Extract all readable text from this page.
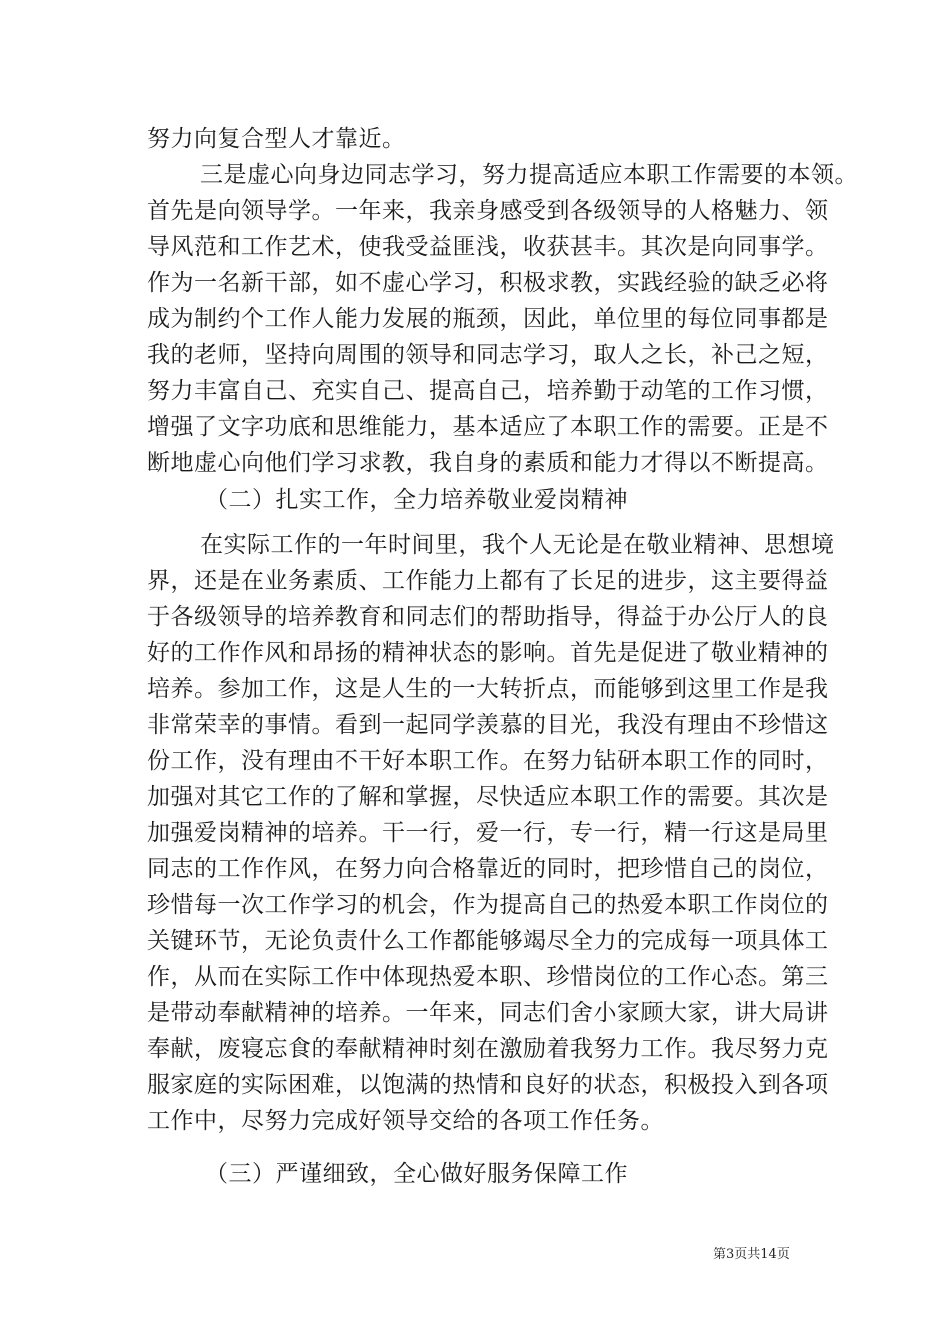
努力向复合型人才靠近。
三是虚心向身边同志学习，努力提高适应本职工作需要的本领。
首先是向领导学。一年来，我亲身感受到各级领导的人格魅力、领
导风范和工作艺术，使我受益匪浅，收获甚丰。其次是向同事学。
作为一名新干部，如不虚心学习，积极求教，实践经验的缺乏必将
成为制约个工作人能力发展的瓶颈，因此，单位里的每位同事都是
我的老师，坚持向周围的领导和同志学习，取人之长，补己之短，
努力丰富自己、充实自己、提高自己，培养勤于动笔的工作习惯，
增强了文字功底和思维能力，基本适应了本职工作的需要。正是不
断地虚心向他们学习求教，我自身的素质和能力才得以不断提高。
（二）扎实工作，全力培养敬业爱岗精神
在实际工作的一年时间里，我个人无论是在敬业精神、思想境
界，还是在业务素质、工作能力上都有了长足的进步，这主要得益
于各级领导的培养教育和同志们的帮助指导，得益于办公厅人的良
好的工作作风和昂扬的精神状态的影响。首先是促进了敬业精神的
培养。参加工作，这是人生的一大转折点，而能够到这里工作是我
非常荣幸的事情。看到一起同学羡慕的目光，我没有理由不珍惜这
份工作，没有理由不干好本职工作。在努力钻研本职工作的同时，
加强对其它工作的了解和掌握，尽快适应本职工作的需要。其次是
加强爱岗精神的培养。干一行，爱一行，专一行，精一行这是局里
同志的工作作风，在努力向合格靠近的同时，把珍惜自己的岗位，
珍惜每一次工作学习的机会，作为提高自己的热爱本职工作岗位的
关键环节，无论负责什么工作都能够竭尽全力的完成每一项具体工
作，从而在实际工作中体现热爱本职、珍惜岗位的工作心态。第三
是带动奉献精神的培养。一年来，同志们舍小家顾大家，讲大局讲
奉献，废寝忘食的奉献精神时刻在激励着我努力工作。我尽努力克
服家庭的实际困难，以饱满的热情和良好的状态，积极投入到各项
工作中，尽努力完成好领导交给的各项工作任务。
（三）严谨细致，全心做好服务保障工作
第3页共14页
